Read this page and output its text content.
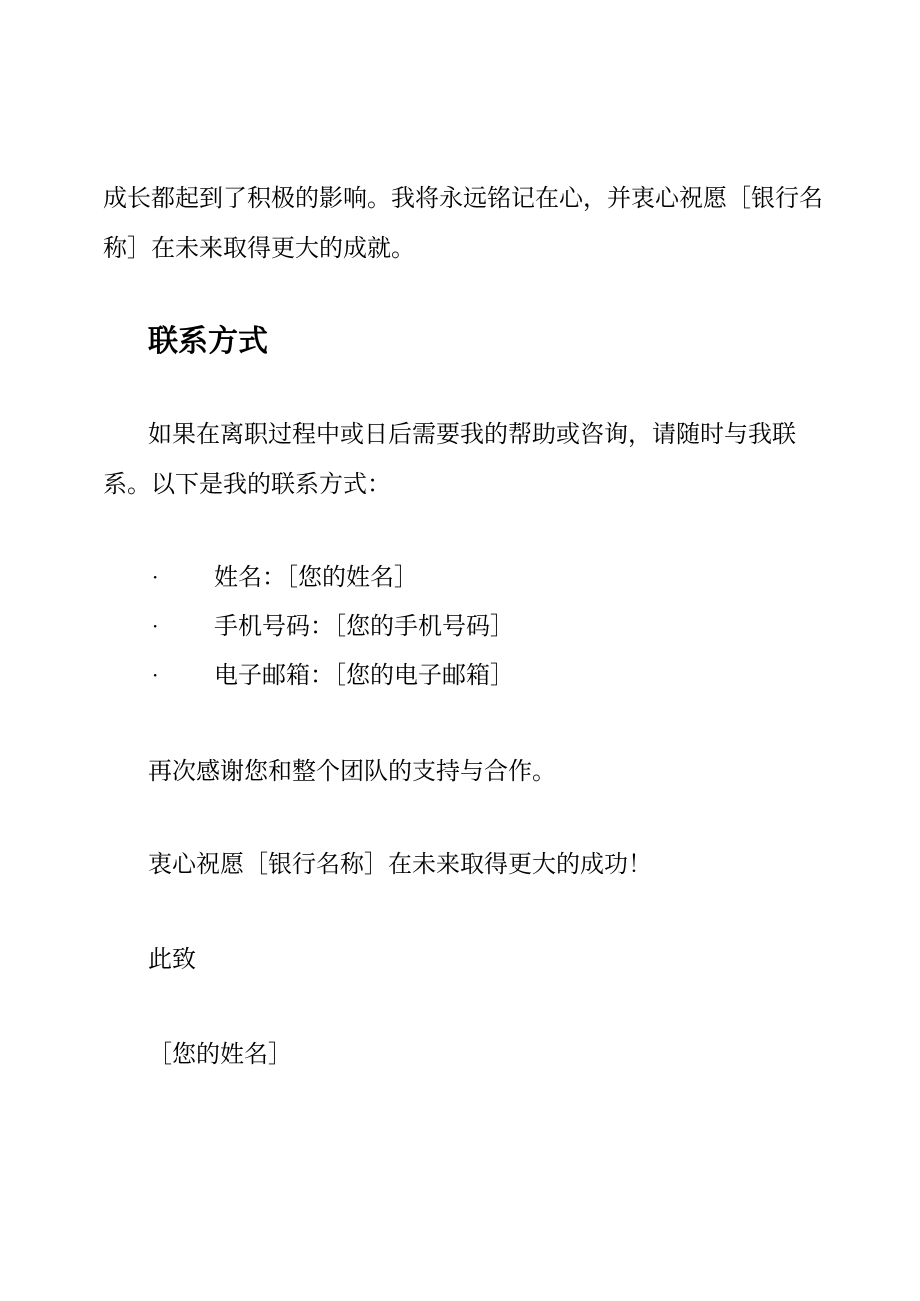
成长都起到了积极的影响。我将永远铭记在心，并衷心祝愿［银行名
称］在未来取得更大的成就。
联系方式
如果在离职过程中或日后需要我的帮助或咨询，请随时与我联
系。以下是我的联系方式：
· 姓名：［您的姓名］
· 手机号码：［您的手机号码］
· 电子邮箱：［您的电子邮箱］
再次感谢您和整个团队的支持与合作。
衷心祝愿［银行名称］在未来取得更大的成功！
此致
［您的姓名］
